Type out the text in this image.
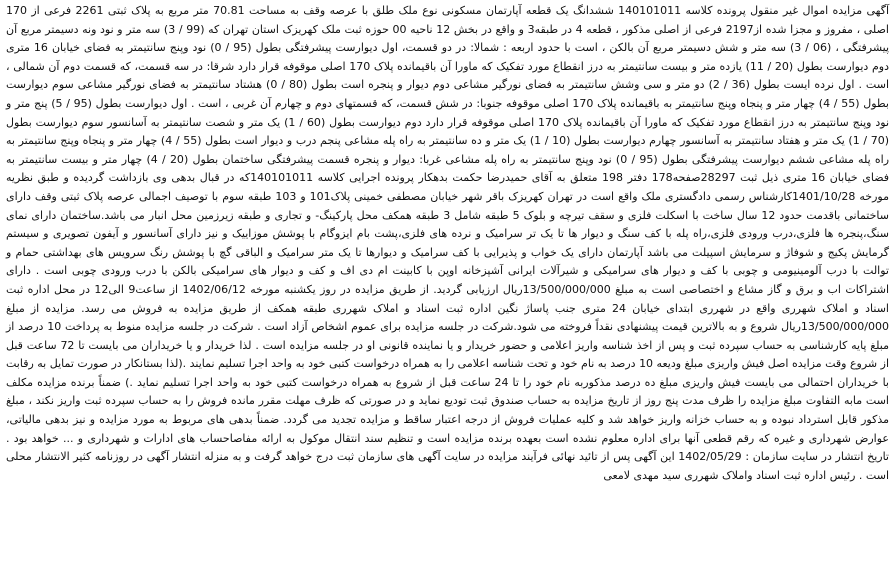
آگهی مزایده اموال غیر منقول پرونده کلاسه 140101011 ششدانگ یک قطعه آپارتمان مسکونی نوع ملک طلق با عرصه وقف به مساحت 70.81 متر مربع به پلاک ثبتی 2261 فرعی از 170 اصلی ، مفروز و مجزا شده از2197 فرعی از اصلی مذکور ، قطعه 4 در طبقه3 و واقع در بخش 12 ناحیه 00 حوزه ثبت ملک کهریزک استان تهران که (99 / 3) سه متر و نود ونه دسیمتر مربع آن پیشرفتگی ، (06 / 3) سه متر و شش دسیمتر مربع آن بالکن ، است با حدود اربعه : شمالا: در دو قسمت، اول دیوارست پیشرفتگی بطول (95 / 0) نود وپنج سانتیمتر به فضای خیابان 16 متری دوم دیوارست بطول (20 / 11) یازده متر و بیست سانتیمتر به درز انقطاع مورد تفکیک که ماورا آن باقیمانده پلاک 170 اصلی موقوفه قرار دارد شرقا: در سه قسمت، که قسمت دوم آن شمالی ، است . اول نرده ایست بطول (36 / 2) دو متر و سی وشش سانتیمتر به فضای نورگیر مشاعی دوم دیوار و پنجره است بطول (80 / 0) هشتاد سانتیمتر به فضای نورگیر مشاعی سوم دیوارست بطول (55 / 4) چهار متر و پنجاه وپنج سانتیمتر به باقیمانده پلاک 170 اصلی موقوفه جنوبا: در شش قسمت، که قسمتهای دوم و چهارم آن غربی ، است . اول دیوارست بطول (95 / 5) پنج متر و نود وپنج سانتیمتر به درز انقطاع مورد تفکیک که ماورا آن باقیمانده پلاک 170 اصلی موقوفه قرار دارد دوم دیوارست بطول (60 / 1) یک متر و شصت سانتیمتر به آسانسور سوم دیوارست بطول (70 / 1) یک متر و هفتاد سانتیمتر به آسانسور چهارم دیوارست بطول (10 / 1) یک متر و ده سانتیمتر به راه پله مشاعی پنجم درب و دیوار است بطول (55 / 4) چهار متر و پنجاه وپنج سانتیمتر به راه پله مشاعی ششم دیوارست پیشرفتگی بطول (95 / 0) نود وپنج سانتیمتر به راه پله مشاعی غربا: دیوار و پنجره قسمت پیشرفتگی ساختمان بطول (20 / 4) چهار متر و بیست سانتیمتر به فضای خیابان 16 متری ذیل ثبت 28297صفحه178 دفتر 198 متعلق به آقای حمیدرضا حکمت بدهکار پرونده اجرایی کلاسه 140101011که در قبال بدهی وی بازداشت گردیده و طبق نظریه مورخه 1401/10/28کارشناس رسمی دادگستری ملک واقع است در تهران کهریزک باقر شهر خیابان مصطفی خمینی پلاک101 و 103 طبقه سوم با توصیف اجمالی عرصه پلاک ثبتی وقف دارای ساختمانی باقدمت حدود 12 سال ساخت با اسکلت فلزی و سقف تیرچه و بلوک 5 طبقه شامل 3 طبقه همکف محل پارکینگ- و تجاری و طبقه زیرزمین محل انبار می باشد.ساختمان دارای نمای سنگ،پنجره ها فلزی،درب ورودی فلزی،راه پله با کف سنگ و دیوار ها تا یک تر سرامیک و نرده های فلزی،پشت بام ایزوگام با پوشش موزاییک و نیز دارای آسانسور و آیفون تصویری و سیستم گرمایش پکیج و شوفاژ و سرمایش اسپیلت می باشد آپارتمان دارای یک خواب و پذیرایی با کف سرامیک و دیوارها تا یک متر سرامیک و الباقی گچ با پوشش رنگ سرویس های بهداشتی حمام و توالت با درب آلومینیومی و چوبی با کف و دیوار های سرامیکی و شیرآلات ایرانی آشپزخانه اوپن با کابینت ام دی اف و کف و دیوار های سرامیکی بالکن با درب ورودی چوبی است . دارای اشتراکات اب و برق و گاز مشاع و اختصاصی است به مبلغ 13/500/000/000ریال ارزیابی گردید. از طریق مزایده در روز یکشنبه مورخه 1402/06/12 از ساعت9 الی12 در محل اداره ثبت اسناد و املاک شهرری واقع در شهرری ابتدای خیابان 24 متری جنب پاساژ نگین اداره ثبت اسناد و املاک شهرری طبقه همکف از طریق مزایده به فروش می رسد. مزایده از مبلغ 13/500/000/000ریال شروع و به بالاترین قیمت پیشنهادی نقداً فروخته می شود.شرکت در جلسه مزایده برای عموم اشخاص آزاد است . شرکت در جلسه مزایده منوط به پرداخت 10 درصد از مبلغ پایه کارشناسی به حساب سپرده ثبت و پس از اخذ شناسه واریز اعلامی و حضور خریدار و یا نماینده قانونی او در جلسه مزایده است . لذا خریدار و یا خریداران می بایست تا 72 ساعت قبل از شروع وقت مزایده اصل فیش واریزی مبلغ ودیعه 10 درصد به نام خود و تحت شناسه اعلامی را به همراه درخواست کتبی خود به واحد اجرا تسلیم نمایند .(لذا بستانکار در صورت تمایل به رقابت با خریداران احتمالی می بایست فیش واریزی مبلغ ده درصد مذکوربه نام خود را تا 24 ساعت قبل از شروع به همراه درخواست کتبی خود به واحد اجرا تسلیم نماید .) ضمناً برنده مزایده مکلف است مابه التفاوت مبلغ مزایده را ظرف مدت پنج روز از تاریخ مزایده به حساب صندوق ثبت تودیع نماید و در صورتی که ظرف مهلت مقرر مانده فروش را به حساب سپرده ثبت واریز نکند ، مبلغ مذکور قابل استرداد نبوده و به حساب خزانه واریز خواهد شد و کلیه عملیات فروش از درجه اعتبار ساقط و مزایده تجدید می گردد. ضمناً بدهی های مربوط به مورد مزایده و نیز بدهی مالیاتی، عوارض شهرداری و غیره که رقم قطعی آنها برای اداره معلوم نشده است بعهده برنده مزایده است و تنظیم سند انتقال موکول به ارائه مفاصاحساب های ادارات و شهرداری و ... خواهد بود . تاریخ انتشار در سایت سازمان : 1402/05/29 این آگهی پس از تائید نهائی فرآیند مزایده در سایت آگهی های سازمان ثبت درج خواهد گرفت و به منزله انتشار آگهی در روزنامه کثیر الانتشار محلی است . رئیس اداره ثبت اسناد واملاک شهرری سید مهدی لامعی
